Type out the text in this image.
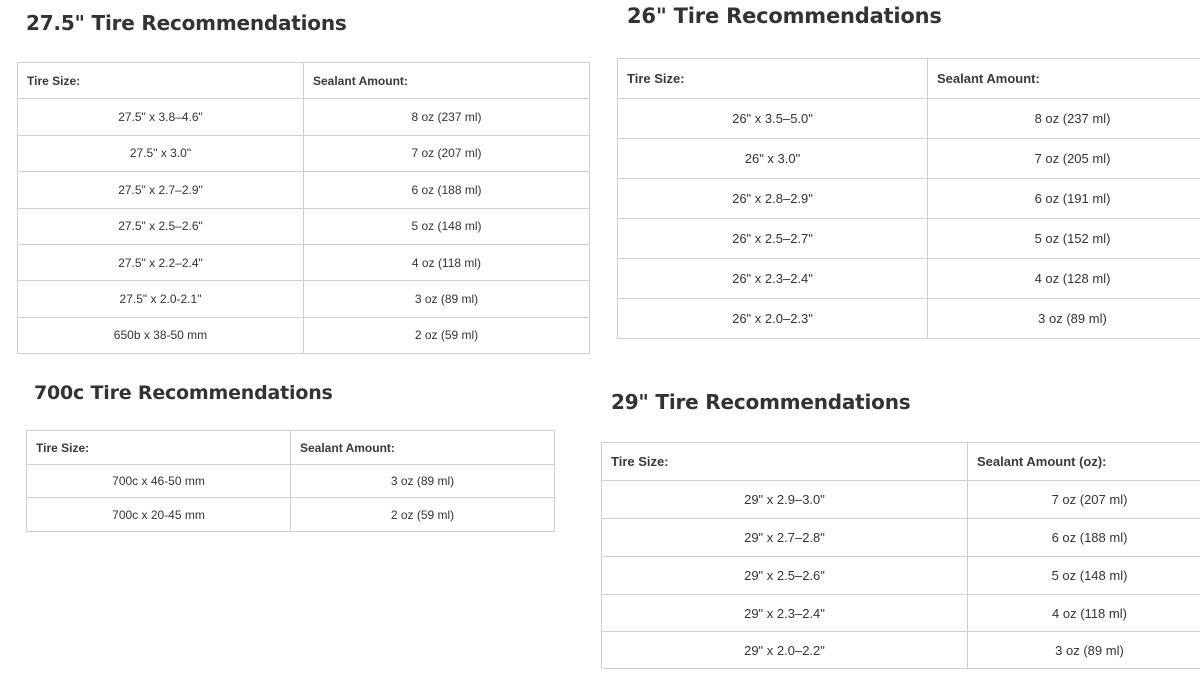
27.5" Tire Recommendations
Tire Size:	Sealant Amount:
27.5" x 3.8–4.6"	8 oz (237 ml)
27.5" x 3.0"	7 oz (207 ml)
27.5" x 2.7–2.9"	6 oz (188 ml)
27.5" x 2.5–2.6"	5 oz (148 ml)
27.5" x 2.2–2.4"	4 oz (118 ml)
27.5" x 2.0-2.1"	3 oz (89 ml)
650b x 38-50 mm	2 oz (59 ml)
26" Tire Recommendations
Tire Size:	Sealant Amount:
26" x 3.5–5.0"	8 oz (237 ml)
26" x 3.0"	7 oz (205 ml)
26" x 2.8–2.9"	6 oz (191 ml)
26" x 2.5–2.7"	5 oz (152 ml)
26" x 2.3–2.4"	4 oz (128 ml)
26" x 2.0–2.3"	3 oz (89 ml)
700c Tire Recommendations
Tire Size:	Sealant Amount:
700c x 46-50 mm	3 oz (89 ml)
700c x 20-45 mm	2 oz (59 ml)
29" Tire Recommendations
Tire Size:	Sealant Amount (oz):
29" x 2.9–3.0"	7 oz (207 ml)
29" x 2.7–2.8"	6 oz (188 ml)
29" x 2.5–2.6"	5 oz (148 ml)
29" x 2.3–2.4"	4 oz (118 ml)
29" x 2.0–2.2"	3 oz (89 ml)
